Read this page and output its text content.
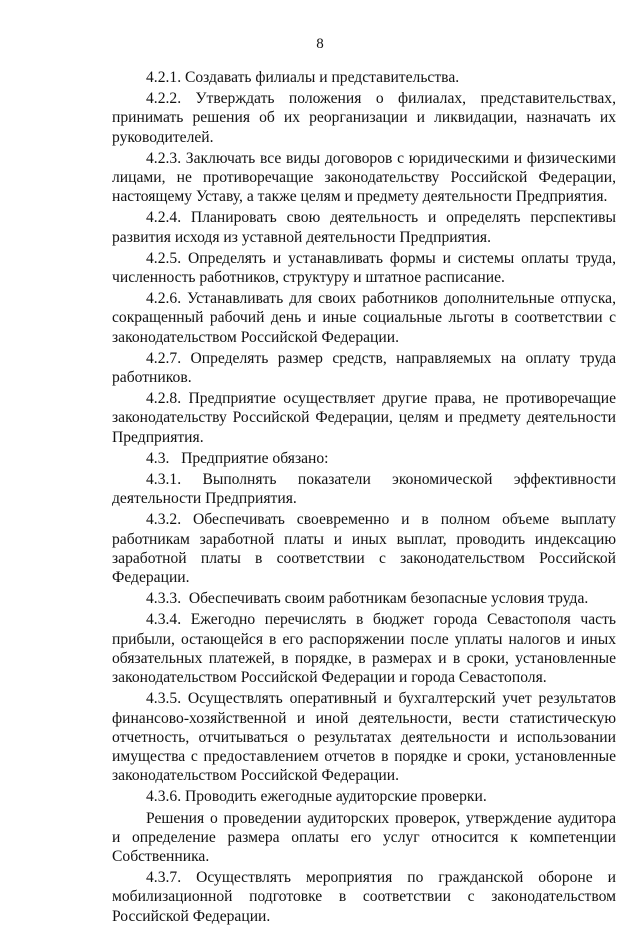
8

4.2.1. Создавать филиалы и представительства.

4.2.2. Утверждать положения о филиалах, представительствах, принимать решения об их реорганизации и ликвидации, назначать их руководителей.

4.2.3. Заключать все виды договоров с юридическими и физическими лицами, не противоречащие законодательству Российской Федерации, настоящему Уставу, а также целям и предмету деятельности Предприятия.

4.2.4. Планировать свою деятельность и определять перспективы развития исходя из уставной деятельности Предприятия.

4.2.5. Определять и устанавливать формы и системы оплаты труда, численность работников, структуру и штатное расписание.

4.2.6. Устанавливать для своих работников дополнительные отпуска, сокращенный рабочий день и иные социальные льготы в соответствии с законодательством Российской Федерации.

4.2.7. Определять размер средств, направляемых на оплату труда работников.

4.2.8. Предприятие осуществляет другие права, не противоречащие законодательству Российской Федерации, целям и предмету деятельности Предприятия.

4.3.   Предприятие обязано:

4.3.1. Выполнять показатели экономической эффективности деятельности Предприятия.

4.3.2. Обеспечивать своевременно и в полном объеме выплату работникам заработной платы и иных выплат, проводить индексацию заработной платы в соответствии с законодательством Российской Федерации.

4.3.3.  Обеспечивать своим работникам безопасные условия труда.

4.3.4. Ежегодно перечислять в бюджет города Севастополя часть прибыли, остающейся в его распоряжении после уплаты налогов и иных обязательных платежей, в порядке, в размерах и в сроки, установленные законодательством Российской Федерации и города Севастополя.

4.3.5. Осуществлять оперативный и бухгалтерский учет результатов финансово-хозяйственной и иной деятельности, вести статистическую отчетность, отчитываться о результатах деятельности и использовании имущества с предоставлением отчетов в порядке и сроки, установленные законодательством Российской Федерации.

4.3.6. Проводить ежегодные аудиторские проверки.

Решения о проведении аудиторских проверок, утверждение аудитора и определение размера оплаты его услуг относится к компетенции Собственника.

4.3.7. Осуществлять мероприятия по гражданской обороне и мобилизационной подготовке в соответствии с законодательством Российской Федерации.
